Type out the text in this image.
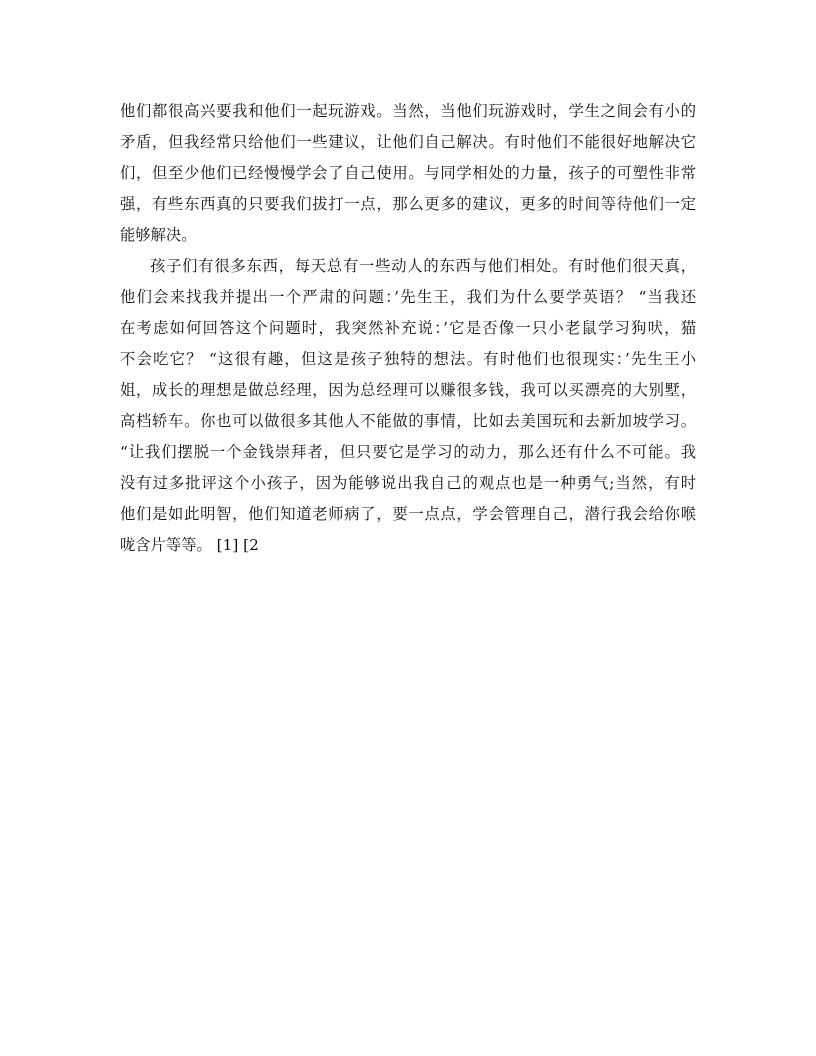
他们都很高兴要我和他们一起玩游戏。当然，当他们玩游戏时，学生之间会有小的
矛盾，但我经常只给他们一些建议，让他们自己解决。有时他们不能很好地解决它
们，但至少他们已经慢慢学会了自己使用。与同学相处的力量，孩子的可塑性非常
强，有些东西真的只要我们拔打一点，那么更多的建议，更多的时间等待他们一定
能够解决。
孩子们有很多东西，每天总有一些动人的东西与他们相处。有时他们很天真，
他们会来找我并提出一个严肃的问题：’先生王，我们为什么要学英语？ “当我还
在考虑如何回答这个问题时，我突然补充说：’它是否像一只小老鼠学习狗吠，猫
不会吃它？ “这很有趣，但这是孩子独特的想法。有时他们也很现实：’先生王小
姐，成长的理想是做总经理，因为总经理可以赚很多钱，我可以买漂亮的大别墅，
高档轿车。你也可以做很多其他人不能做的事情，比如去美国玩和去新加坡学习。
“让我们摆脱一个金钱崇拜者，但只要它是学习的动力，那么还有什么不可能。我
没有过多批评这个小孩子，因为能够说出我自己的观点也是一种勇气;当然，有时
他们是如此明智，他们知道老师病了，要一点点，学会管理自己，潜行我会给你喉
咙含片等等。 [1] [2
